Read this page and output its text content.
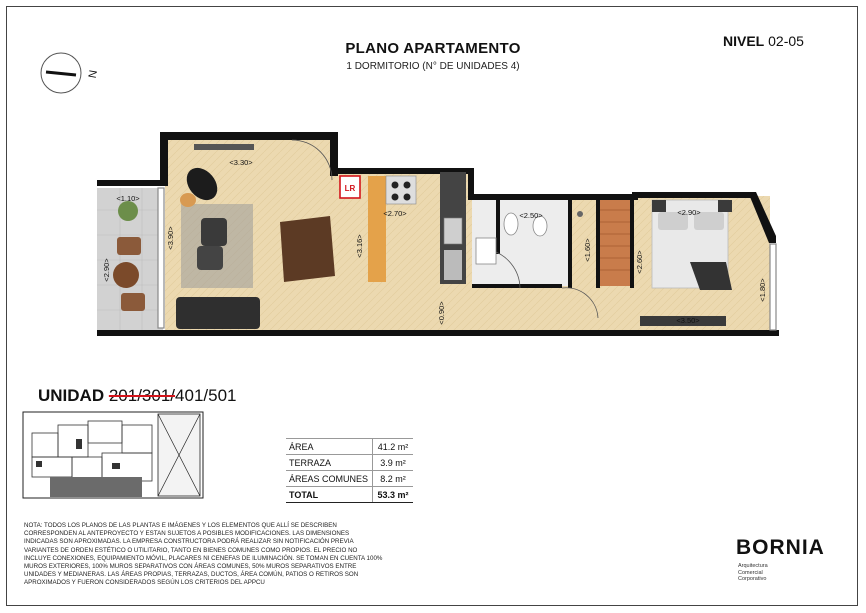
PLANO APARTAMENTO
1 DORMITORIO (N° DE UNIDADES 4)
NIVEL 02-05
N
LR
<3.30>
<3.90>
<1.10>
<2.90>
<2.70>
<3.16>
<0.90>
<2.50>
<1.60>
<2.60>
<2.90>
<3.50>
<1.80>
UNIDAD 201/301/401/501
ÁREA	41.2 m²
TERRAZA	3.9 m²
ÁREAS COMUNES	8.2 m²
TOTAL	53.3 m²
NOTA: TODOS LOS PLANOS DE LAS PLANTAS E IMÁGENES Y LOS ELEMENTOS QUE ALLÍ SE DESCRIBEN CORRESPONDEN AL ANTEPROYECTO Y ESTAN SUJETOS A POSIBLES MODIFICACIONES. LAS DIMENSIONES INDICADAS SON APROXIMADAS. LA EMPRESA CONSTRUCTORA PODRÁ REALIZAR SIN NOTIFICACIÓN PREVIA VARIANTES DE ORDEN ESTÉTICO O UTILITARIO, TANTO EN BIENES COMUNES COMO PROPIOS. EL PRECIO NO INCLUYE CONEXIONES, EQUIPAMIENTO MÓVIL, PLACARES NI CENEFAS DE ILUMINACIÓN. SE TOMAN EN CUENTA 100% MUROS EXTERIORES, 100% MUROS SEPARATIVOS CON ÁREAS COMUNES, 50% MUROS SEPARATIVOS ENTRE UNIDADES Y MEDIANERAS. LAS ÁREAS PROPIAS, TERRAZAS, DUCTOS, ÁREA COMÚN, PATIOS O RETIROS SON APROXIMADOS Y FUERON CONSIDERADOS SEGÚN LOS CRITERIOS DEL APPCU
BORNIA
Arquitectura
Comercial
Corporativo
